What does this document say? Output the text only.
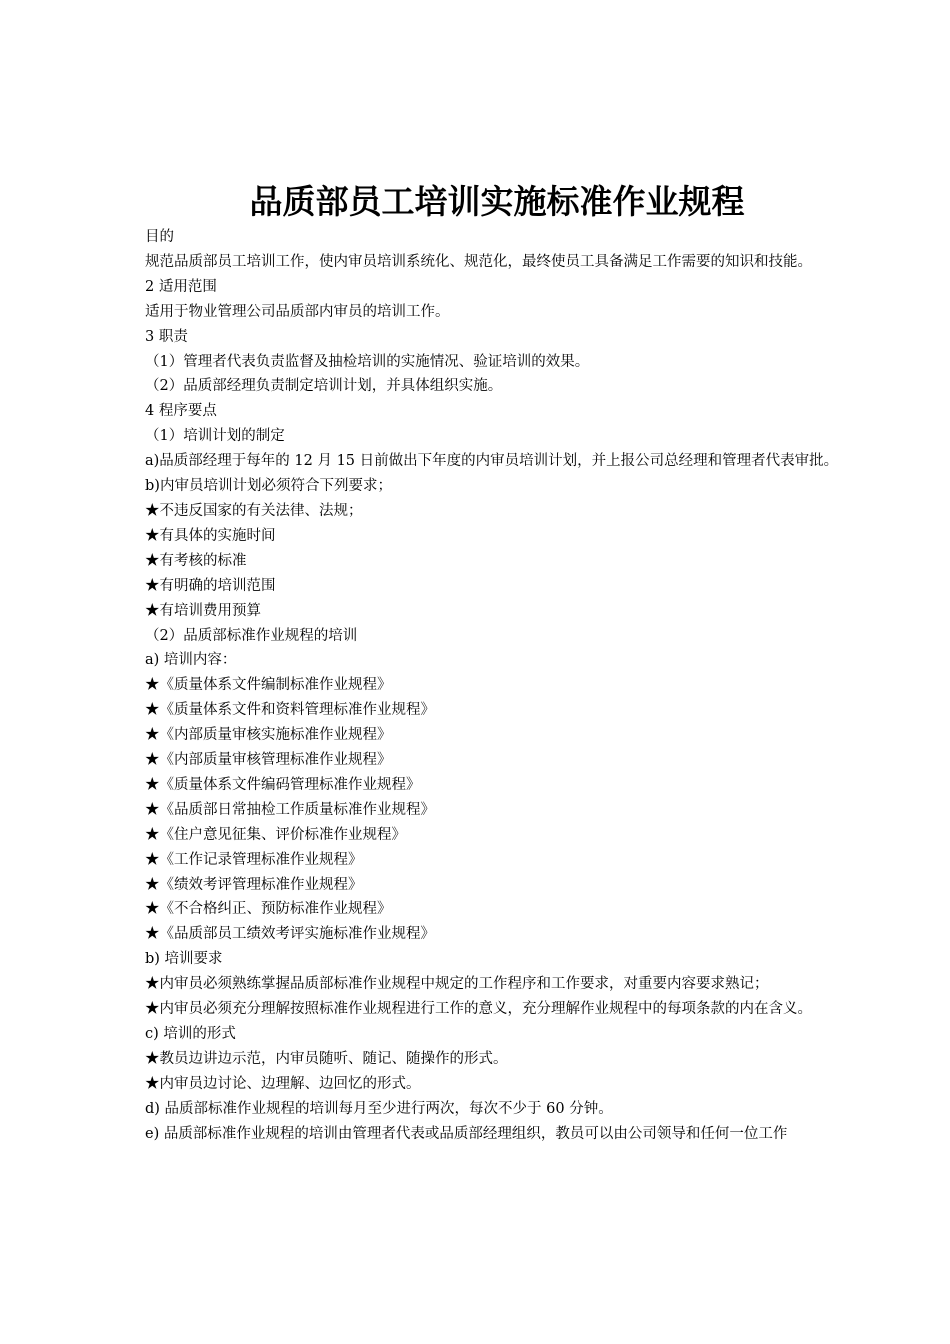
品质部员工培训实施标准作业规程

目的

规范品质部员工培训工作，使内审员培训系统化、规范化，最终使员工具备满足工作需要的知识和技能。

2 适用范围

适用于物业管理公司品质部内审员的培训工作。

3 职责

（1）管理者代表负责监督及抽检培训的实施情况、验证培训的效果。

（2）品质部经理负责制定培训计划，并具体组织实施。

4 程序要点

（1）培训计划的制定

a)品质部经理于每年的 12 月 15 日前做出下年度的内审员培训计划，并上报公司总经理和管理者代表审批。

b)内审员培训计划必须符合下列要求；

★不违反国家的有关法律、法规；

★有具体的实施时间

★有考核的标准

★有明确的培训范围

★有培训费用预算

（2）品质部标准作业规程的培训

a) 培训内容：

★《质量体系文件编制标准作业规程》

★《质量体系文件和资料管理标准作业规程》

★《内部质量审核实施标准作业规程》

★《内部质量审核管理标准作业规程》

★《质量体系文件编码管理标准作业规程》

★《品质部日常抽检工作质量标准作业规程》

★《住户意见征集、评价标准作业规程》

★《工作记录管理标准作业规程》

★《绩效考评管理标准作业规程》

★《不合格纠正、预防标准作业规程》

★《品质部员工绩效考评实施标准作业规程》

b) 培训要求

★内审员必须熟练掌握品质部标准作业规程中规定的工作程序和工作要求，对重要内容要求熟记；

★内审员必须充分理解按照标准作业规程进行工作的意义，充分理解作业规程中的每项条款的内在含义。

c) 培训的形式

★教员边讲边示范，内审员随听、随记、随操作的形式。

★内审员边讨论、边理解、边回忆的形式。

d) 品质部标准作业规程的培训每月至少进行两次，每次不少于 60 分钟。

e) 品质部标准作业规程的培训由管理者代表或品质部经理组织，教员可以由公司领导和任何一位工作
